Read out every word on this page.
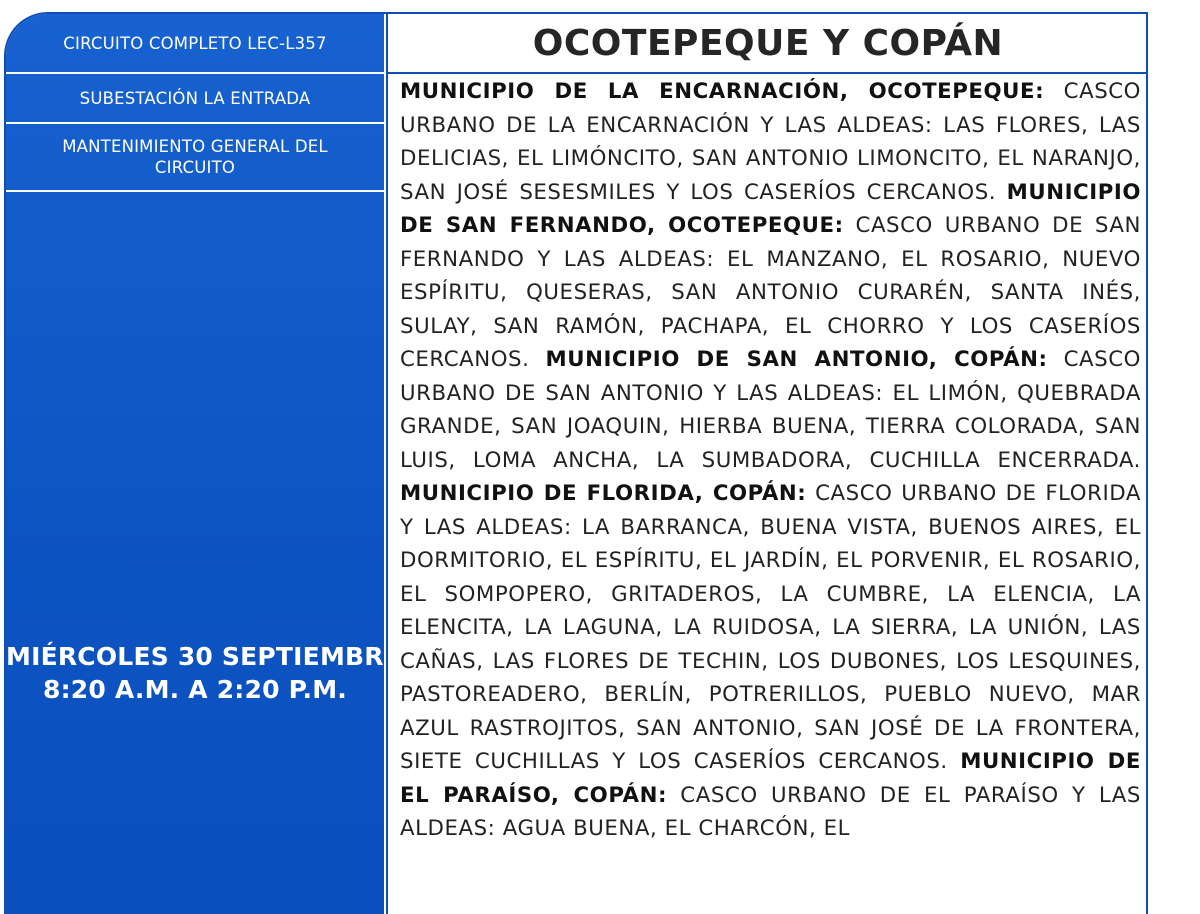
CIRCUITO COMPLETO LEC-L357
SUBESTACIÓN LA ENTRADA
MANTENIMIENTO GENERAL DEL CIRCUITO
MIÉRCOLES 30 SEPTIEMBRE
8:20 A.M. A 2:20 P.M.
OCOTEPEQUE Y COPÁN
MUNICIPIO DE LA ENCARNACIÓN, OCOTEPEQUE: CASCO URBANO DE LA ENCARNACIÓN Y LAS ALDEAS: LAS FLORES, LAS DELICIAS, EL LIMÓNCITO, SAN ANTONIO LIMONCITO, EL NARANJO, SAN JOSÉ SESESMILES Y LOS CASERÍOS CERCANOS. MUNICIPIO DE SAN FERNANDO, OCOTEPEQUE: CASCO URBANO DE SAN FERNANDO Y LAS ALDEAS: EL MANZANO, EL ROSARIO, NUEVO ESPÍRITU, QUESERAS, SAN ANTONIO CURARÉN, SANTA INÉS, SULAY, SAN RAMÓN, PACHAPA, EL CHORRO Y LOS CASERÍOS CERCANOS. MUNICIPIO DE SAN ANTONIO, COPÁN: CASCO URBANO DE SAN ANTONIO Y LAS ALDEAS: EL LIMÓN, QUEBRADA GRANDE, SAN JOAQUIN, HIERBA BUENA, TIERRA COLORADA, SAN LUIS, LOMA ANCHA, LA SUMBADORA, CUCHILLA ENCERRADA. MUNICIPIO DE FLORIDA, COPÁN: CASCO URBANO DE FLORIDA Y LAS ALDEAS: LA BARRANCA, BUENA VISTA, BUENOS AIRES, EL DORMITORIO, EL ESPÍRITU, EL JARDÍN, EL PORVENIR, EL ROSARIO, EL SOMPOPERO, GRITADEROS, LA CUMBRE, LA ELENCIA, LA ELENCITA, LA LAGUNA, LA RUIDOSA, LA SIERRA, LA UNIÓN, LAS CAÑAS, LAS FLORES DE TECHIN, LOS DUBONES, LOS LESQUINES, PASTOREADERO, BERLÍN, POTRERILLOS, PUEBLO NUEVO, MAR AZUL RASTROJITOS, SAN ANTONIO, SAN JOSÉ DE LA FRONTERA, SIETE CUCHILLAS Y LOS CASERÍOS CERCANOS. MUNICIPIO DE EL PARAÍSO, COPÁN: CASCO URBANO DE EL PARAÍSO Y LAS ALDEAS: AGUA BUENA, EL CHARCÓN, EL
